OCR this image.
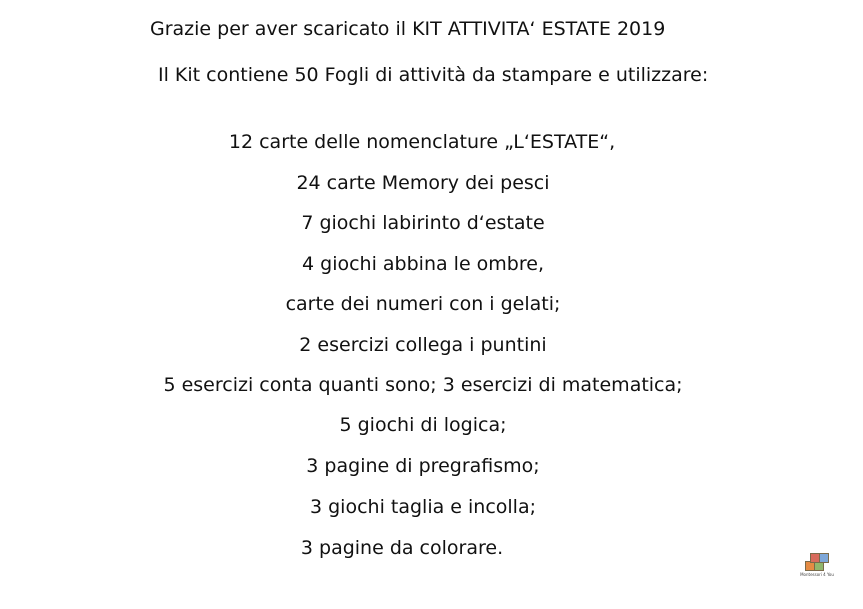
Grazie per aver scaricato il KIT ATTIVITA‘ ESTATE 2019
Il Kit contiene 50 Fogli di attività da stampare e utilizzare:
12 carte delle nomenclature „L‘ESTATE“,
24 carte Memory dei pesci
7 giochi labirinto d‘estate
4 giochi abbina le ombre,
carte dei numeri con i gelati;
2 esercizi collega i puntini
5 esercizi conta quanti sono; 3 esercizi di matematica;
5 giochi di logica;
3 pagine di pregrafismo;
3 giochi taglia e incolla;
3 pagine da colorare.
Montessori 4 You
